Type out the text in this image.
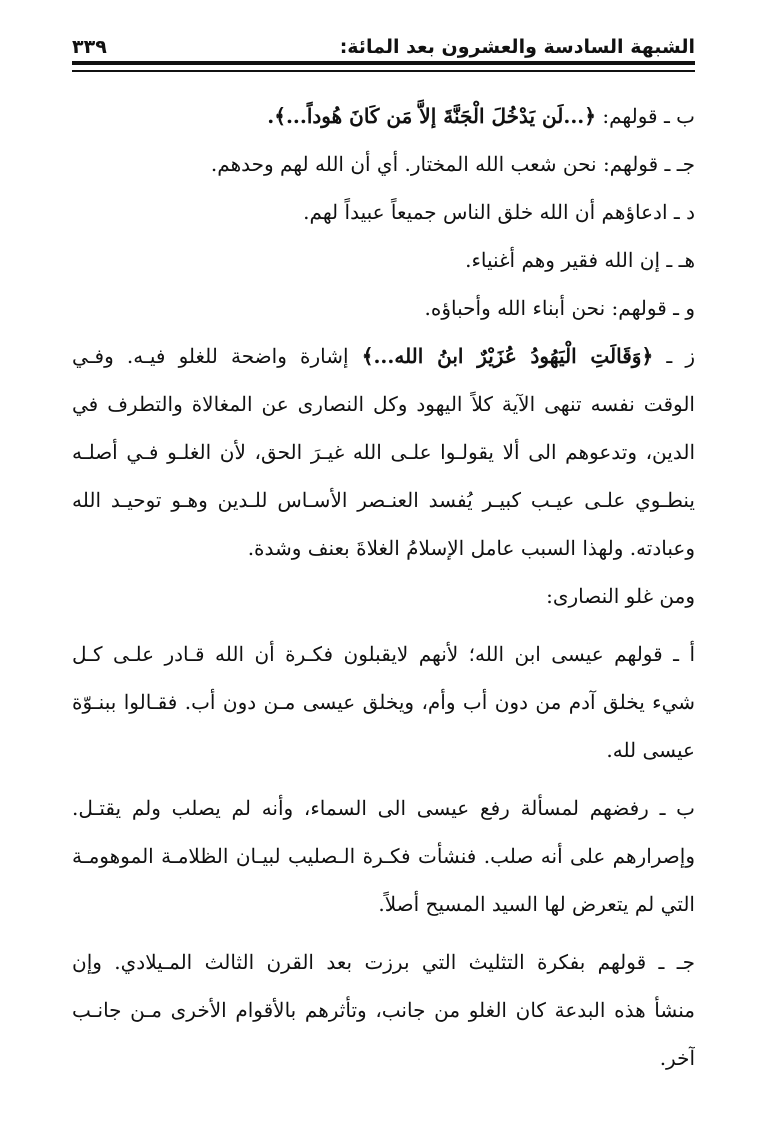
الشبهة السادسة والعشرون بعد المائة:
٣٣٩
ب ـ قولهم: ﴿...لَن يَدْخُلَ الْجَنَّةَ إلاَّ مَن كَانَ هُوداً...﴾.
جـ ـ قولهم: نحن شعب الله المختار. أي أن الله لهم وحدهم.
د ـ ادعاؤهم أن الله خلق الناس جميعاً عبيداً لهم.
هـ ـ إن الله فقير وهم أغنياء.
و ـ قولهم: نحن أبناء الله وأحباؤه.
ز ـ ﴿وَقَالَتِ الْيَهُودُ عُزَيْرٌ ابنُ الله...﴾ إشارة واضحة للغلو فيـه. وفـي
الوقت نفسه تنهى الآية كلاً اليهود وكل النصارى عن المغالاة والتطرف في
الدين، وتدعوهم الى ألا يقولـوا علـى الله غيـرَ الحق، لأن الغلـو فـي أصلـه
ينطـوي علـى عيـب كبيـر يُفسد العنـصر الأسـاس للـدين وهـو توحيـد الله
وعبادته. ولهذا السبب عامل الإسلامُ الغلاةَ بعنف وشدة.
ومن غلو النصارى:
أ ـ قولهم عيسى ابن الله؛ لأنهم لايقبلون فكـرة أن الله قـادر علـى كـل
شيء يخلق آدم من دون أب وأم، ويخلق عيسى مـن دون أب. فقـالوا ببنـوّة
عيسى لله.
ب ـ رفضهم لمسألة رفع عيسى الى السماء، وأنه لم يصلب ولم يقتـل.
وإصرارهم على أنه صلب. فنشأت فكـرة الـصليب لبيـان الظلامـة الموهومـة
التي لم يتعرض لها السيد المسيح أصلاً.
جـ ـ قولهم بفكرة التثليث التي برزت بعد القرن الثالث المـيلادي. وإن
منشأ هذه البدعة كان الغلو من جانب، وتأثرهم بالأقوام الأخرى مـن جانـب
آخر.
